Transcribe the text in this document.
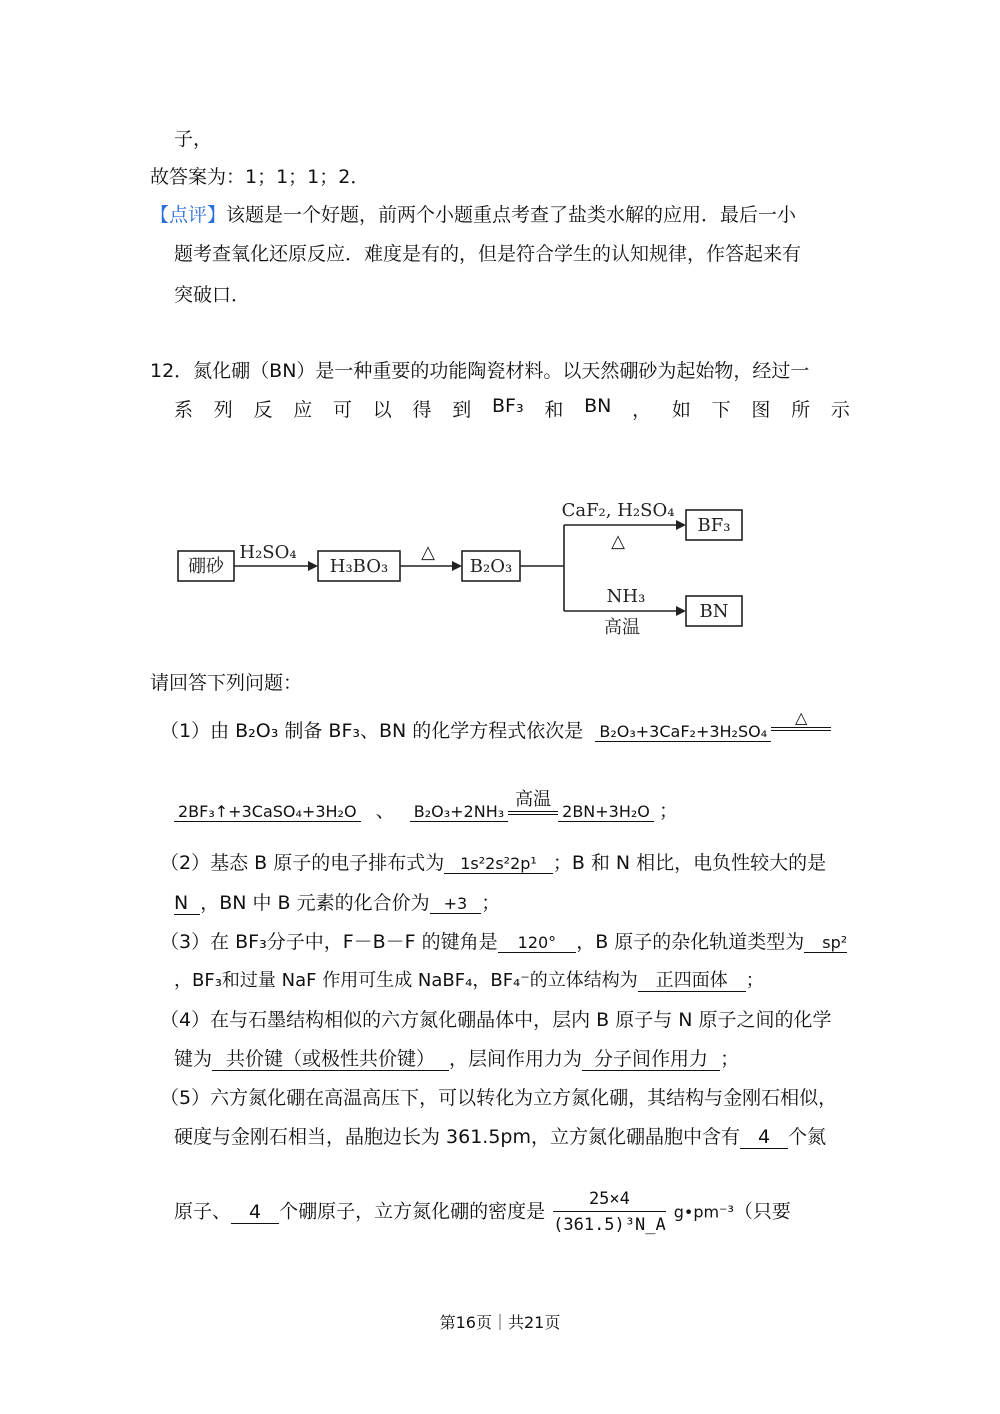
子，
故答案为：1；1；1；2．
【点评】该题是一个好题，前两个小题重点考查了盐类水解的应用．最后一小
题考查氧化还原反应．难度是有的，但是符合学生的认知规律，作答起来有
突破口．
12．氮化硼（BN）是一种重要的功能陶瓷材料。以天然硼砂为起始物，经过一
系 列 反 应 可 以 得 到 BF₃ 和 BN ， 如 下 图 所 示
硼砂
H₂SO₄
H₃BO₃
△
B₂O₃
CaF₂, H₂SO₄
△
BF₃
NH₃
高温
BN
请回答下列问题：
（1）由 B₂O₃ 制备 BF₃、BN 的化学方程式依次是 B₂O₃+3CaF₂+3H₂SO₄△
2BF₃↑+3CaSO₄+3H₂O 、 B₂O₃+2NH₃高温2BN+3H₂O ；
（2）基态 B 原子的电子排布式为 1s²2s²2p¹ ；B 和 N 相比，电负性较大的是
N ，BN 中 B 元素的化合价为 +3 ；
（3）在 BF₃分子中，F－B－F 的键角是 120° ，B 原子的杂化轨道类型为 sp²
，BF₃和过量 NaF 作用可生成 NaBF₄，BF₄⁻的立体结构为 正四面体 ；
（4）在与石墨结构相似的六方氮化硼晶体中，层内 B 原子与 N 原子之间的化学
键为 共价键（或极性共价键） ，层间作用力为 分子间作用力 ；
（5）六方氮化硼在高温高压下，可以转化为立方氮化硼，其结构与金刚石相似，
硬度与金刚石相当，晶胞边长为 361.5pm，立方氮化硼晶胞中含有 4 个氮
原子、 4 个硼原子，立方氮化硼的密度是 $\frac{25\times 4}{\text{(361.5)³N\_A}}$ g•pm⁻³（只要
第16页｜共21页
